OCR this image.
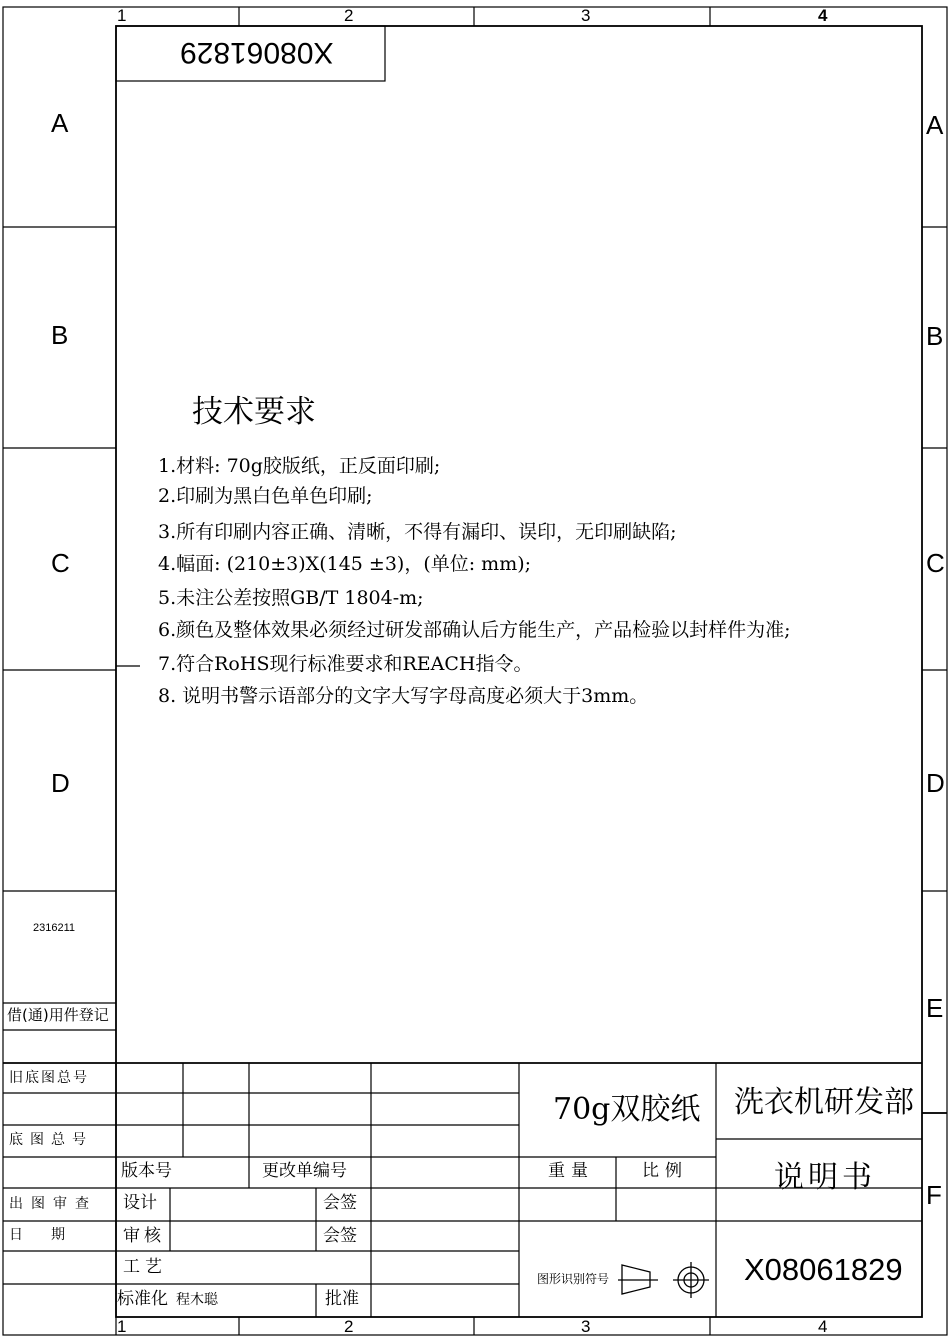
1	2	3	4
1	2	3	4
A
B
C
D
A
B
C
D
E
F
X08061829
2316211
借(通)用件登记
技术要求
1.材料: 70g胶版纸，正反面印刷;
2.印刷为黑白色单色印刷;
3.所有印刷内容正确、清晰，不得有漏印、误印，无印刷缺陷;
4.幅面: (210±3)X(145 ±3)，(单位: mm);
5.未注公差按照GB/T 1804-m;
6.颜色及整体效果必须经过研发部确认后方能生产，产品检验以封样件为准;
7.符合RoHS现行标准要求和REACH指令。
8. 说明书警示语部分的文字大写字母高度必须大于3mm。
旧底图总号
底图总号
出图审查
日　　期
版本号	更改单编号
设计	会签
审核	会签
工艺
标准化 程木聪	批准
70g双胶纸
重量	比例
图形识别符号
洗衣机研发部
说明书
X08061829
